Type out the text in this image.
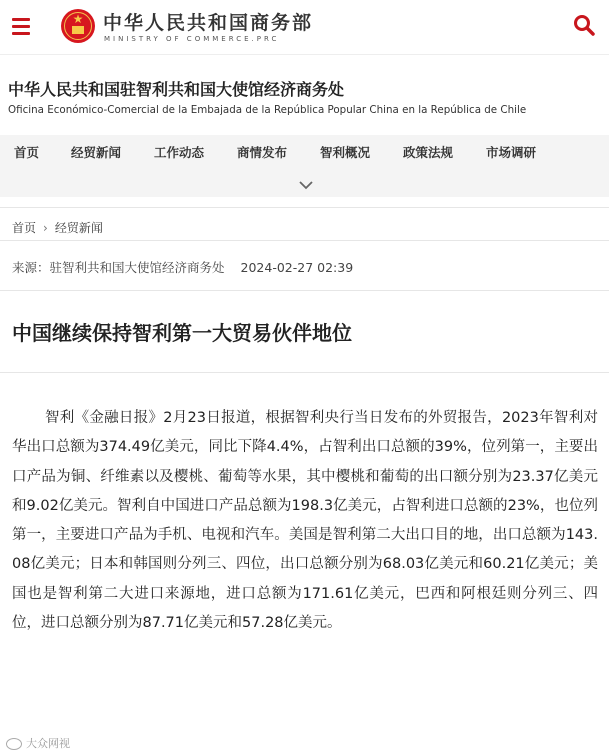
★	中华人民共和国商务部
MINISTRY OF COMMERCE.PRC
中华人民共和国驻智利共和国大使馆经济商务处
Oficina Económico-Comercial de la Embajada de la República Popular China en la República de Chile
首页	经贸新闻	工作动态	商情发布	智利概况	政策法规	市场调研
首页 › 经贸新闻
来源：驻智利共和国大使馆经济商务处 2024-02-27 02:39
中国继续保持智利第一大贸易伙伴地位
智利《金融日报》2月23日报道，根据智利央行当日发布的外贸报告，2023年智利对华出口总额为374.49亿美元，同比下降4.4%，占智利出口总额的39%，位列第一，主要出口产品为铜、纤维素以及樱桃、葡萄等水果，其中樱桃和葡萄的出口额分别为23.37亿美元和9.02亿美元。智利自中国进口产品总额为198.3亿美元，占智利进口总额的23%，也位列第一，主要进口产品为手机、电视和汽车。美国是智利第二大出口目的地，出口总额为143.08亿美元；日本和韩国则分列三、四位，出口总额分别为68.03亿美元和60.21亿美元；美国也是智利第二大进口来源地，进口总额为171.61亿美元，巴西和阿根廷则分列三、四位，进口总额分别为87.71亿美元和57.28亿美元。
大众网视
